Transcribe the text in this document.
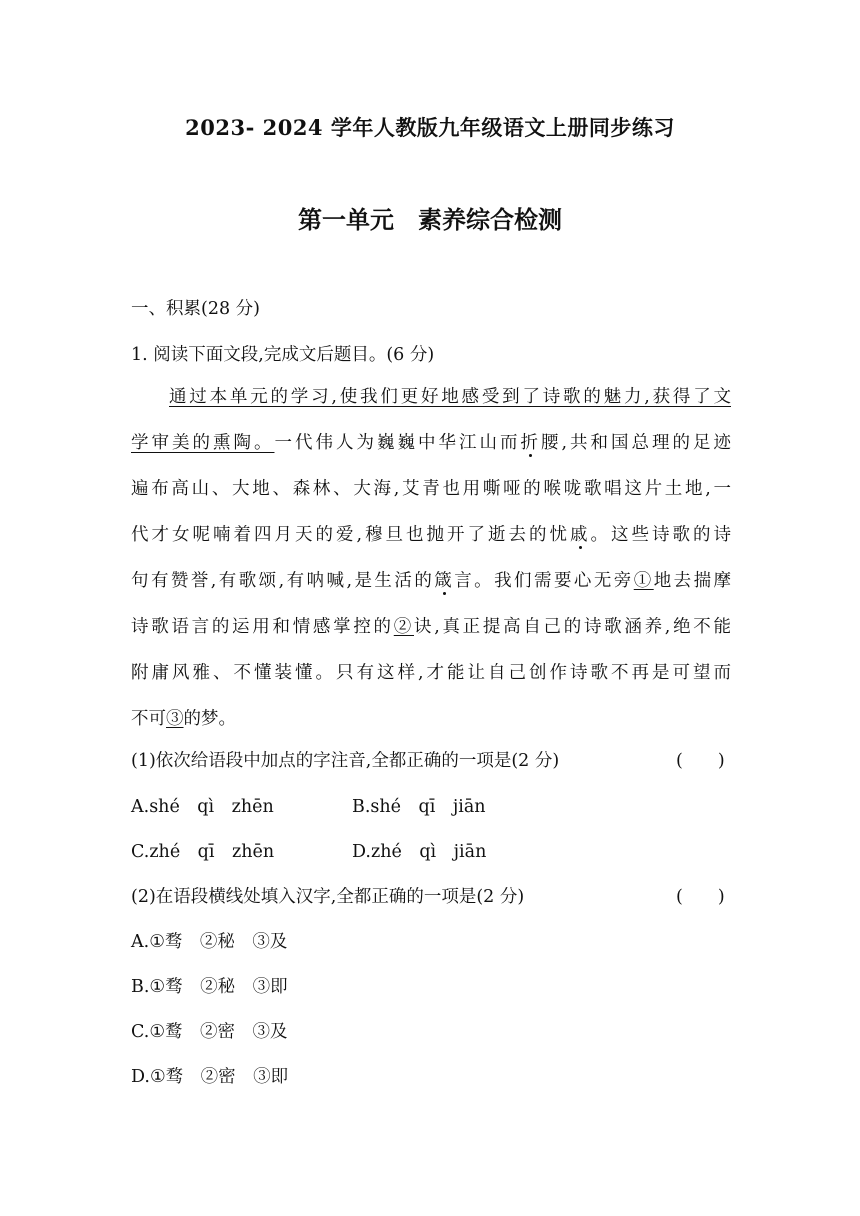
2023- 2024 学年人教版九年级语文上册同步练习
第一单元　素养综合检测
一、积累(28 分)
1. 阅读下面文段,完成文后题目。(6 分)
通过本单元的学习,使我们更好地感受到了诗歌的魅力,获得了文
学审美的熏陶。一代伟人为巍巍中华江山而折腰,共和国总理的足迹
遍布高山、大地、森林、大海,艾青也用嘶哑的喉咙歌唱这片土地,一
代才女呢喃着四月天的爱,穆旦也抛开了逝去的忧戚。这些诗歌的诗
句有赞誉,有歌颂,有呐喊,是生活的箴言。我们需要心无旁①地去揣摩
诗歌语言的运用和情感掌控的②诀,真正提高自己的诗歌涵养,绝不能
附庸风雅、不懂装懂。只有这样,才能让自己创作诗歌不再是可望而
不可③的梦。
(1)依次给语段中加点的字注音,全都正确的一项是(2 分)	(　　)
A.shé　qì　zhēn	B.shé　qī　jiān
C.zhé　qī　zhēn	D.zhé　qì　jiān
(2)在语段横线处填入汉字,全都正确的一项是(2 分)	(　　)
A.①骛　②秘　③及
B.①骛　②秘　③即
C.①鹜　②密　③及
D.①骛　②密　③即
